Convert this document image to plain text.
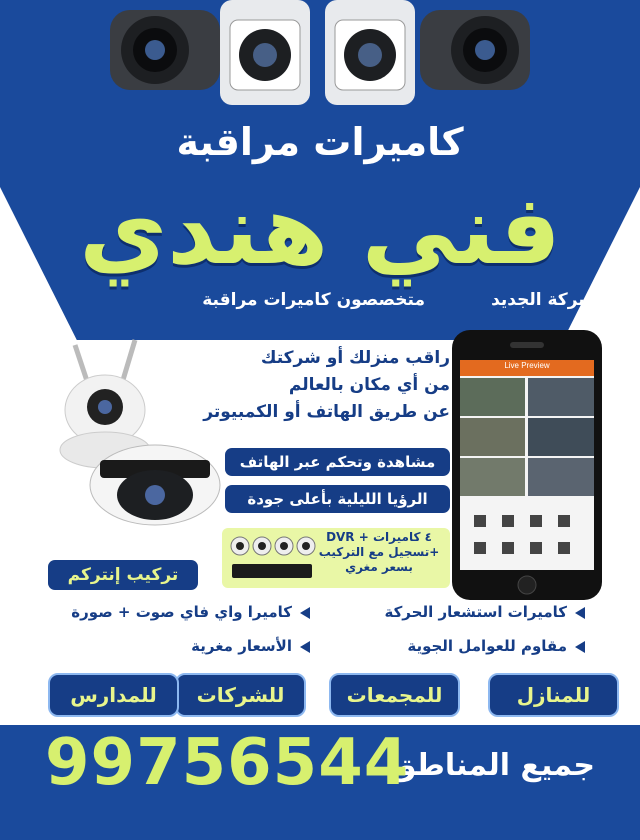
كاميرات مراقبة
فني هندي
شركة الجديد
متخصصون كاميرات مراقبة
Live Preview
راقب منزلك أو شركتك
من أي مكان بالعالم
عن طريق الهاتف أو الكمبيوتر
مشاهدة وتحكم عبر الهاتف
الرؤيا الليلية بأعلى جودة
٤ كاميرات + DVR
+تسجيل مع التركيب
بسعر مغري
تركيب إنتركم
كاميرات استشعار الحركة
كاميرا واي فاي صوت + صورة
مقاوم للعوامل الجوية
الأسعار مغرية
للمنازل
للمجمعات
للشركات
للمدارس
جميع المناطق
99756544
